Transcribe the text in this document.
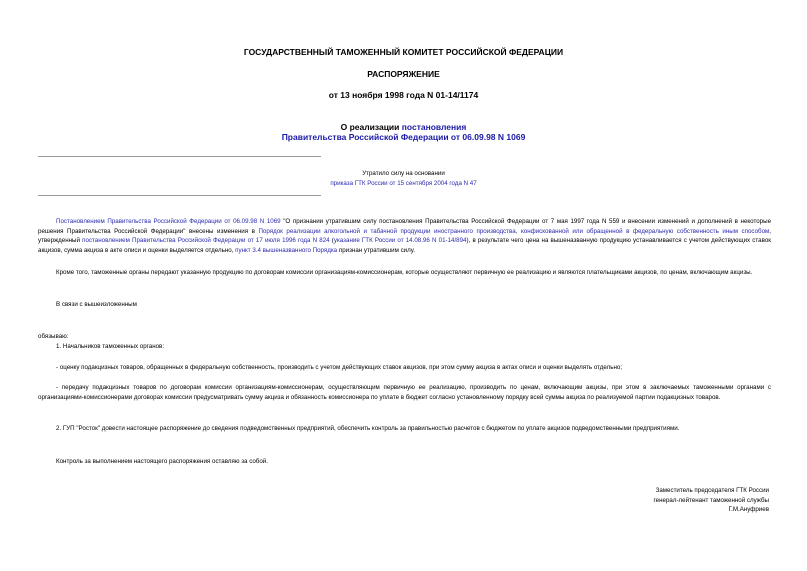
ГОСУДАРСТВЕННЫЙ ТАМОЖЕННЫЙ КОМИТЕТ РОССИЙСКОЙ ФЕДЕРАЦИИ
РАСПОРЯЖЕНИЕ
от 13 ноября 1998 года N 01-14/1174
О реализации постановления
Правительства Российской Федерации от 06.09.98 N 1069
Утратило силу на основании
приказа ГТК России от 15 сентября 2004 года N 47
Постановлением Правительства Российской Федерации от 06.09.98 N 1069 "О признании утратившим силу постановления Правительства Российской Федерации от 7 мая 1997 года N 559 и внесении изменений и дополнений в некоторые решения Правительства Российской Федерации" внесены изменения в Порядок реализации алкогольной и табачной продукции иностранного производства, конфискованной или обращенной в федеральную собственность иным способом, утвержденный постановлением Правительства Российской Федерации от 17 июля 1996 года N 824 (указание ГТК России от 14.08.96 N 01-14/894), в результате чего цена на вышеназванную продукцию устанавливается с учетом действующих ставок акцизов, сумма акциза в акте описи и оценки выделяется отдельно, пункт 3.4 вышеназванного Порядка признан утратившим силу.
Кроме того, таможенные органы передают указанную продукцию по договорам комиссии организациям-комиссионерам, которые осуществляют первичную ее реализацию и являются плательщиками акцизов, по ценам, включающим акцизы.
В связи с вышеизложенным
обязываю:
1. Начальников таможенных органов:
- оценку подакцизных товаров, обращенных в федеральную собственность, производить с учетом действующих ставок акцизов, при этом сумму акциза в актах описи и оценки выделять отдельно;
- передачу подакцизных товаров по договорам комиссии организациям-комиссионерам, осуществляющим первичную ее реализацию, производить по ценам, включающим акцизы, при этом в заключаемых таможенными органами с организациями-комиссионерами договорах комиссии предусматривать сумму акциза и обязанность комиссионера по уплате в бюджет согласно установленному порядку всей суммы акциза по реализуемой партии подакцизных товаров.
2. ГУП "Росток" довести настоящее распоряжение до сведения подведомственных предприятий, обеспечить контроль за правильностью расчетов с бюджетом по уплате акцизов подведомственными предприятиями.
Контроль за выполнением настоящего распоряжения оставляю за собой.
Заместитель председателя ГТК России
генерал-лейтенант таможенной службы
Г.М.Ануфриев
